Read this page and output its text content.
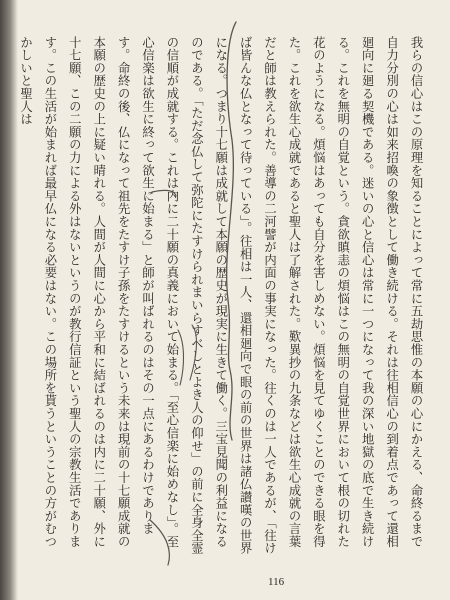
我らの信心はこの原理を知ることによって常に五劫思惟の本願の心にかえる、命終るまで自力分別の心は如来招喚の象徴として働き続ける。それは往相信心の到着点であって還相廻向に廻る契機である。迷いの心と信心は常に一つになって我の深い地獄の底で生き続ける。これを無明の自覚という。貪欲瞋恚の煩悩はこの無明の自覚世界において根の切れた花のようになる。煩悩はあっても自分を害しめない。煩悩を見てゆくことのできる眼を得た。これを欲生心成就であると聖人は了解された。歎異抄の九条などは欲生心成就の言葉だと師は教えられた。善導の二河譬が内面の事実になった。往くのは一人であるが、「往けば皆んな仏となって待っている」。往相は一人、還相廻向で眼の前の世界は諸仏讃嘆の世界になる。つまり十七願は成就して本願の歴史が現実に生きて働く。三宝見聞の利益になるのである。「ただ念仏して弥陀にたすけられまいらすべしとよき人の仰せ」の前に全身全霊の信順が成就する。これは内に二十願の真義において始まる。「至心信楽に始めなし」。至心信楽は欲生に終って欲生に始まる」と師が叫ばれるのはその一点にあるわけであります。命終の後、仏になって祖先をたすけ子孫をたすけるという未来は現前の十七願成就の本願の歴史の上に疑い晴れる。人間が人間に心から平和に結ばれるのは内に二十願、外に十七願、この二願の力による外はないというのが教行信証という聖人の宗教生活であります。この生活が始まれば最早仏になる必要はない。この場所を貰うということの方がむつかしいと聖人は

116
